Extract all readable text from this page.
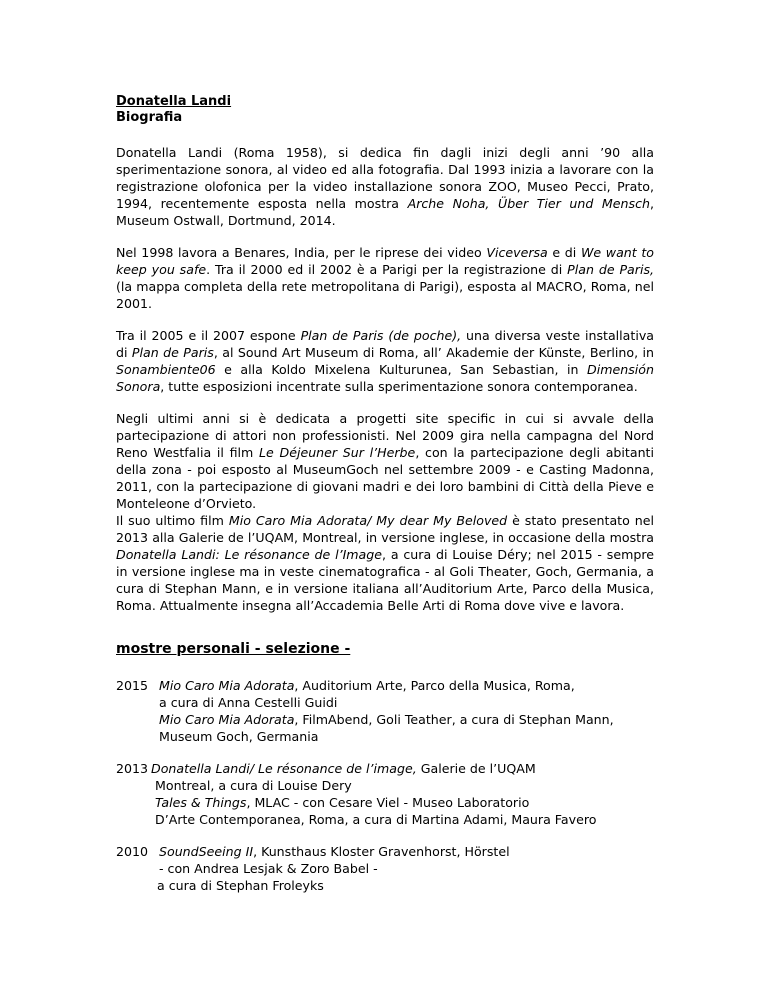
Donatella Landi
Biografia

Donatella Landi (Roma 1958), si dedica fin dagli inizi degli anni ’90 alla sperimentazione sonora, al video ed alla fotografia. Dal 1993 inizia a lavorare con la registrazione olofonica per la video installazione sonora ZOO, Museo Pecci, Prato, 1994, recentemente esposta nella mostra Arche Noha, Über Tier und Mensch, Museum Ostwall, Dortmund, 2014.

Nel 1998 lavora a Benares, India, per le riprese dei video Viceversa e di We want to keep you safe. Tra il 2000 ed il 2002 è a Parigi per la registrazione di Plan de Paris, (la mappa completa della rete metropolitana di Parigi), esposta al MACRO, Roma, nel 2001.

Tra il 2005 e il 2007 espone Plan de Paris (de poche), una diversa veste installativa di Plan de Paris, al Sound Art Museum di Roma, all’ Akademie der Künste, Berlino, in Sonambiente06 e alla Koldo Mixelena Kulturunea, San Sebastian, in Dimensión Sonora, tutte esposizioni incentrate sulla sperimentazione sonora contemporanea.

Negli ultimi anni si è dedicata a progetti site specific in cui si avvale della partecipazione di attori non professionisti. Nel 2009 gira nella campagna del Nord Reno Westfalia il film Le Déjeuner Sur l’Herbe, con la partecipazione degli abitanti della zona - poi esposto al MuseumGoch nel settembre 2009 - e Casting Madonna, 2011, con la partecipazione di giovani madri e dei loro bambini di Città della Pieve e Monteleone d’Orvieto.

Il suo ultimo film Mio Caro Mia Adorata/ My dear My Beloved è stato presentato nel 2013 alla Galerie de l’UQAM, Montreal, in versione inglese, in occasione della mostra Donatella Landi: Le résonance de l’Image, a cura di Louise Déry; nel 2015 - sempre in versione inglese ma in veste cinematografica - al Goli Theater, Goch, Germania, a cura di Stephan Mann, e in versione italiana all’Auditorium Arte, Parco della Musica, Roma. Attualmente insegna all’Accademia Belle Arti di Roma dove vive e lavora.

mostre personali - selezione -
2015 Mio Caro Mia Adorata, Auditorium Arte, Parco della Musica, Roma,
a cura di Anna Cestelli Guidi
Mio Caro Mia Adorata, FilmAbend, Goli Teather, a cura di Stephan Mann,
Museum Goch, Germania
2013 Donatella Landi/ Le résonance de l’image, Galerie de l’UQAM
Montreal, a cura di Louise Dery
Tales & Things, MLAC - con Cesare Viel - Museo Laboratorio
D’Arte Contemporanea, Roma, a cura di Martina Adami, Maura Favero
2010 SoundSeeing II, Kunsthaus Kloster Gravenhorst, Hörstel
- con Andrea Lesjak & Zoro Babel -
a cura di Stephan Froleyks
